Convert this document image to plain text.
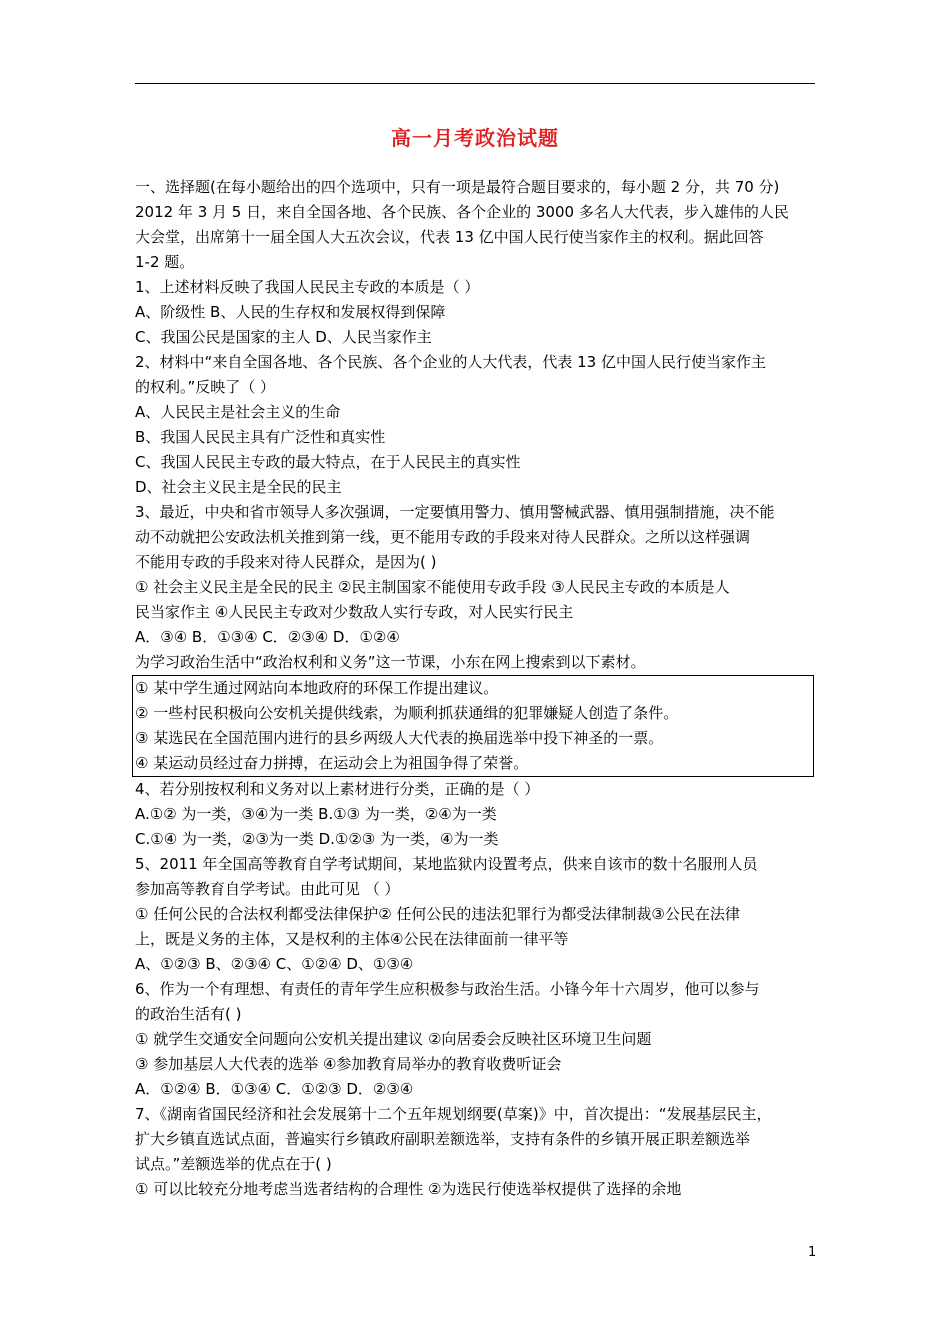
高一月考政治试题
一、选择题(在每小题给出的四个选项中，只有一项是最符合题目要求的，每小题 2 分，共 70 分)
2012 年 3 月 5 日，来自全国各地、各个民族、各个企业的 3000 多名人大代表，步入雄伟的人民
大会堂，出席第十一届全国人大五次会议，代表 13 亿中国人民行使当家作主的权利。据此回答
1-2 题。
1、上述材料反映了我国人民民主专政的本质是（ ）
A、阶级性 B、人民的生存权和发展权得到保障
C、我国公民是国家的主人 D、人民当家作主
2、材料中“来自全国各地、各个民族、各个企业的人大代表，代表 13 亿中国人民行使当家作主
的权利。”反映了（ ）
A、人民民主是社会主义的生命
B、我国人民民主具有广泛性和真实性
C、我国人民民主专政的最大特点，在于人民民主的真实性
D、社会主义民主是全民的民主
3、最近，中央和省市领导人多次强调，一定要慎用警力、慎用警械武器、慎用强制措施，决不能
动不动就把公安政法机关推到第一线，更不能用专政的手段来对待人民群众。之所以这样强调
不能用专政的手段来对待人民群众，是因为( )
① 社会主义民主是全民的民主 ②民主制国家不能使用专政手段 ③人民民主专政的本质是人
民当家作主 ④人民民主专政对少数敌人实行专政，对人民实行民主
A．③④ B．①③④ C．②③④ D．①②④
为学习政治生活中“政治权利和义务”这一节课，小东在网上搜索到以下素材。
① 某中学生通过网站向本地政府的环保工作提出建议。
② 一些村民积极向公安机关提供线索，为顺利抓获通缉的犯罪嫌疑人创造了条件。
③ 某选民在全国范围内进行的县乡两级人大代表的换届选举中投下神圣的一票。
④ 某运动员经过奋力拼搏，在运动会上为祖国争得了荣誉。
4、若分别按权利和义务对以上素材进行分类，正确的是（ ）
A.①② 为一类，③④为一类 B.①③ 为一类，②④为一类
C.①④ 为一类，②③为一类 D.①②③ 为一类，④为一类
5、2011 年全国高等教育自学考试期间，某地监狱内设置考点，供来自该市的数十名服刑人员
参加高等教育自学考试。由此可见 （ ）
① 任何公民的合法权利都受法律保护② 任何公民的违法犯罪行为都受法律制裁③公民在法律
上，既是义务的主体，又是权利的主体④公民在法律面前一律平等
A、①②③ B、②③④ C、①②④ D、①③④
6、作为一个有理想、有责任的青年学生应积极参与政治生活。小锋今年十六周岁，他可以参与
的政治生活有( )
① 就学生交通安全问题向公安机关提出建议 ②向居委会反映社区环境卫生问题
③ 参加基层人大代表的选举 ④参加教育局举办的教育收费听证会
A．①②④ B．①③④ C．①②③ D．②③④
7、《湖南省国民经济和社会发展第十二个五年规划纲要(草案)》中，首次提出：“发展基层民主，
扩大乡镇直选试点面，普遍实行乡镇政府副职差额选举，支持有条件的乡镇开展正职差额选举
试点。”差额选举的优点在于( )
① 可以比较充分地考虑当选者结构的合理性 ②为选民行使选举权提供了选择的余地
1
